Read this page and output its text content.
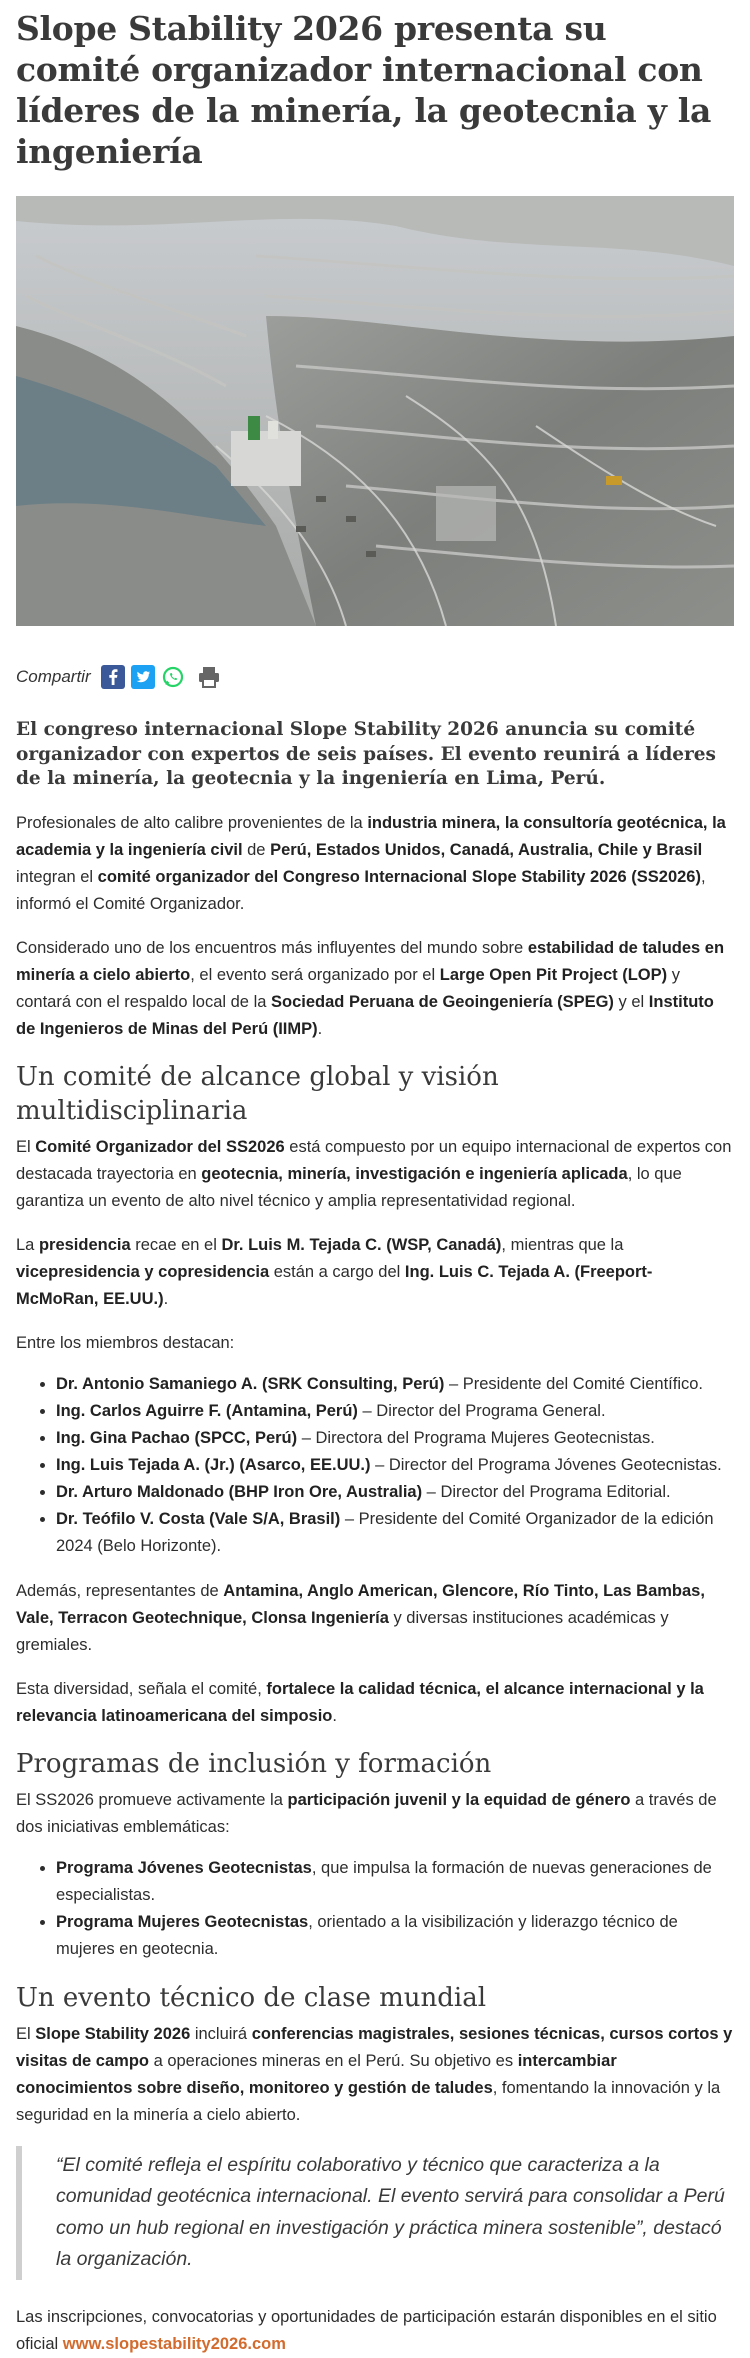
Slope Stability 2026 presenta su comité organizador internacional con líderes de la minería, la geotecnia y la ingeniería
Compartir
El congreso internacional Slope Stability 2026 anuncia su comité organizador con expertos de seis países. El evento reunirá a líderes de la minería, la geotecnia y la ingeniería en Lima, Perú.

Profesionales de alto calibre provenientes de la industria minera, la consultoría geotécnica, la academia y la ingeniería civil de Perú, Estados Unidos, Canadá, Australia, Chile y Brasil integran el comité organizador del Congreso Internacional Slope Stability 2026 (SS2026), informó el Comité Organizador.

Considerado uno de los encuentros más influyentes del mundo sobre estabilidad de taludes en minería a cielo abierto, el evento será organizado por el Large Open Pit Project (LOP) y contará con el respaldo local de la Sociedad Peruana de Geoingeniería (SPEG) y el Instituto de Ingenieros de Minas del Perú (IIMP).

Un comité de alcance global y visión multidisciplinaria

El Comité Organizador del SS2026 está compuesto por un equipo internacional de expertos con destacada trayectoria en geotecnia, minería, investigación e ingeniería aplicada, lo que garantiza un evento de alto nivel técnico y amplia representatividad regional.

La presidencia recae en el Dr. Luis M. Tejada C. (WSP, Canadá), mientras que la vicepresidencia y copresidencia están a cargo del Ing. Luis C. Tejada A. (Freeport-McMoRan, EE.UU.).

Entre los miembros destacan:

• Dr. Antonio Samaniego A. (SRK Consulting, Perú) – Presidente del Comité Científico.
• Ing. Carlos Aguirre F. (Antamina, Perú) – Director del Programa General.
• Ing. Gina Pachao (SPCC, Perú) – Directora del Programa Mujeres Geotecnistas.
• Ing. Luis Tejada A. (Jr.) (Asarco, EE.UU.) – Director del Programa Jóvenes Geotecnistas.
• Dr. Arturo Maldonado (BHP Iron Ore, Australia) – Director del Programa Editorial.
• Dr. Teófilo V. Costa (Vale S/A, Brasil) – Presidente del Comité Organizador de la edición 2024 (Belo Horizonte).

Además, representantes de Antamina, Anglo American, Glencore, Río Tinto, Las Bambas, Vale, Terracon Geotechnique, Clonsa Ingeniería y diversas instituciones académicas y gremiales.

Esta diversidad, señala el comité, fortalece la calidad técnica, el alcance internacional y la relevancia latinoamericana del simposio.

Programas de inclusión y formación

El SS2026 promueve activamente la participación juvenil y la equidad de género a través de dos iniciativas emblemáticas:

• Programa Jóvenes Geotecnistas, que impulsa la formación de nuevas generaciones de especialistas.
• Programa Mujeres Geotecnistas, orientado a la visibilización y liderazgo técnico de mujeres en geotecnia.
Un evento técnico de clase mundial

El Slope Stability 2026 incluirá conferencias magistrales, sesiones técnicas, cursos cortos y visitas de campo a operaciones mineras en el Perú. Su objetivo es intercambiar conocimientos sobre diseño, monitoreo y gestión de taludes, fomentando la innovación y la seguridad en la minería a cielo abierto.

“El comité refleja el espíritu colaborativo y técnico que caracteriza a la comunidad geotécnica internacional. El evento servirá para consolidar a Perú como un hub regional en investigación y práctica minera sostenible”, destacó la organización.

Las inscripciones, convocatorias y oportunidades de participación estarán disponibles en el sitio oficial www.slopestability2026.com
